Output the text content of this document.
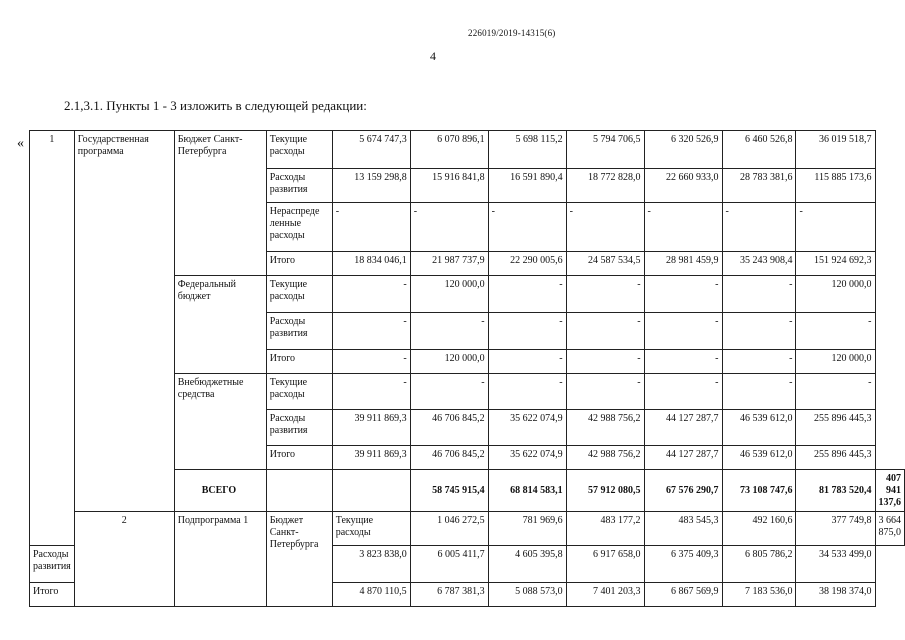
226019/2019-14315(6)
4
2.1,3.1. Пункты 1 - 3 изложить в следующей редакции:
«	1	Государственная программа	Бюджет Санкт-Петербурга	Текущие расходы	5 674 747,3	6 070 896,1	5 698 115,2	5 794 706,5	6 320 526,9	6 460 526,8	36 019 518,7	
			Расходы развития	13 159 298,8	15 916 841,8	16 591 890,4	18 772 828,0	22 660 933,0	28 783 381,6	115 885 173,6	
			Нераспреде ленные расходы	-	-	-	-	-	-	-	
			Итого	18 834 046,1	21 987 737,9	22 290 005,6	24 587 534,5	28 981 459,9	35 243 908,4	151 924 692,3	
		Федеральный бюджет	Текущие расходы	-	120 000,0	-	-	-	-	120 000,0	
			Расходы развития	-	-	-	-	-	-	-	
			Итого	-	120 000,0	-	-	-	-	120 000,0	
		Внебюджетные средства	Текущие расходы	-	-	-	-	-	-	-	
			Расходы развития	39 911 869,3	46 706 845,2	35 622 074,9	42 988 756,2	44 127 287,7	46 539 612,0	255 896 445,3	
			Итого	39 911 869,3	46 706 845,2	35 622 074,9	42 988 756,2	44 127 287,7	46 539 612,0	255 896 445,3	
		ВСЕГО			58 745 915,4	68 814 583,1	57 912 080,5	67 576 290,7	73 108 747,6	81 783 520,4	407 941 137,6
	2	Подпрограмма 1	Бюджет Санкт-Петербурга	Текущие расходы	1 046 272,5	781 969,6	483 177,2	483 545,3	492 160,6	377 749,8	3 664 875,0
Расходы развития				3 823 838,0	6 005 411,7	4 605 395,8	6 917 658,0	6 375 409,3	6 805 786,2	34 533 499,0	
Итого				4 870 110,5	6 787 381,3	5 088 573,0	7 401 203,3	6 867 569,9	7 183 536,0	38 198 374,0	
